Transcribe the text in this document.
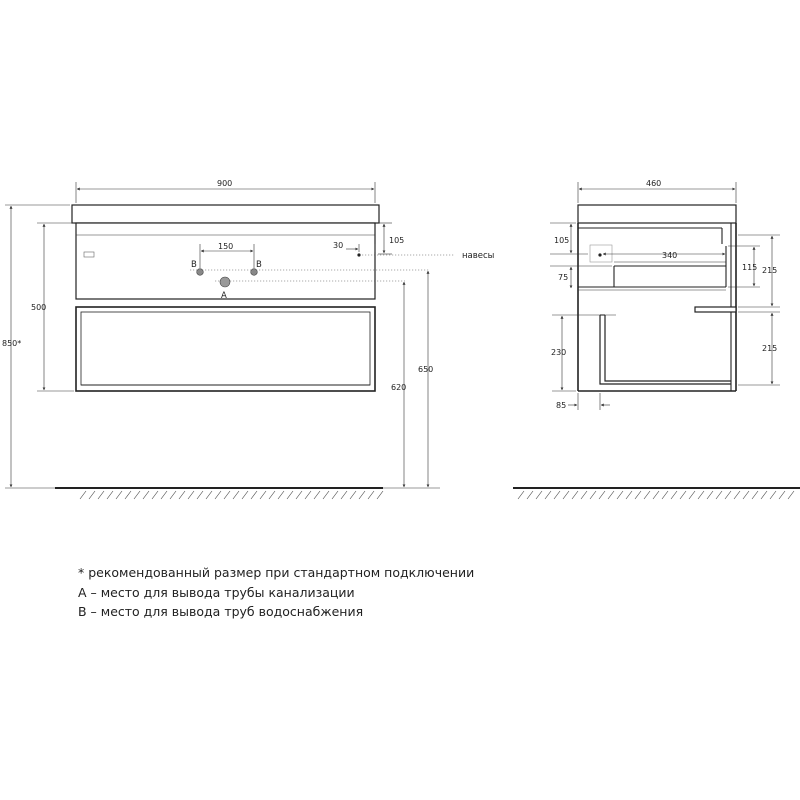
B	B
A
навесы
900
150	30
105
500
850*
620
650
460
105
340
75
115 215
215
230
85
* рекомендованный размер при стандартном подключении
А – место для вывода трубы канализации
В – место для вывода труб водоснабжения
